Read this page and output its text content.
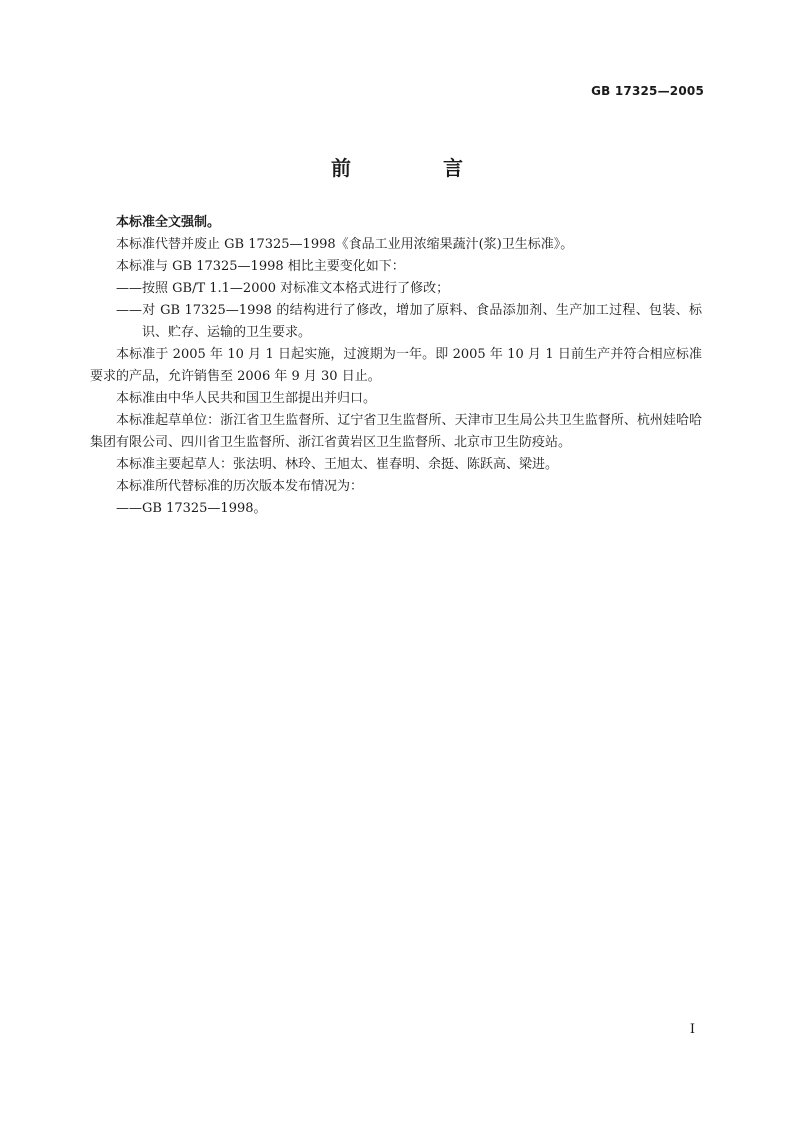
GB 17325—2005
前　言

本标准全文强制。

本标准代替并废止 GB 17325—1998《食品工业用浓缩果蔬汁(浆)卫生标准》。

本标准与 GB 17325—1998 相比主要变化如下：

——按照 GB/T 1.1—2000 对标准文本格式进行了修改；

——对 GB 17325—1998 的结构进行了修改，增加了原料、食品添加剂、生产加工过程、包装、标识、贮存、运输的卫生要求。

本标准于 2005 年 10 月 1 日起实施，过渡期为一年。即 2005 年 10 月 1 日前生产并符合相应标准要求的产品，允许销售至 2006 年 9 月 30 日止。

本标准由中华人民共和国卫生部提出并归口。

本标准起草单位：浙江省卫生监督所、辽宁省卫生监督所、天津市卫生局公共卫生监督所、杭州娃哈哈集团有限公司、四川省卫生监督所、浙江省黄岩区卫生监督所、北京市卫生防疫站。

本标准主要起草人：张法明、林玲、王旭太、崔春明、余挺、陈跃高、梁进。

本标准所代替标准的历次版本发布情况为：

——GB 17325—1998。

I
